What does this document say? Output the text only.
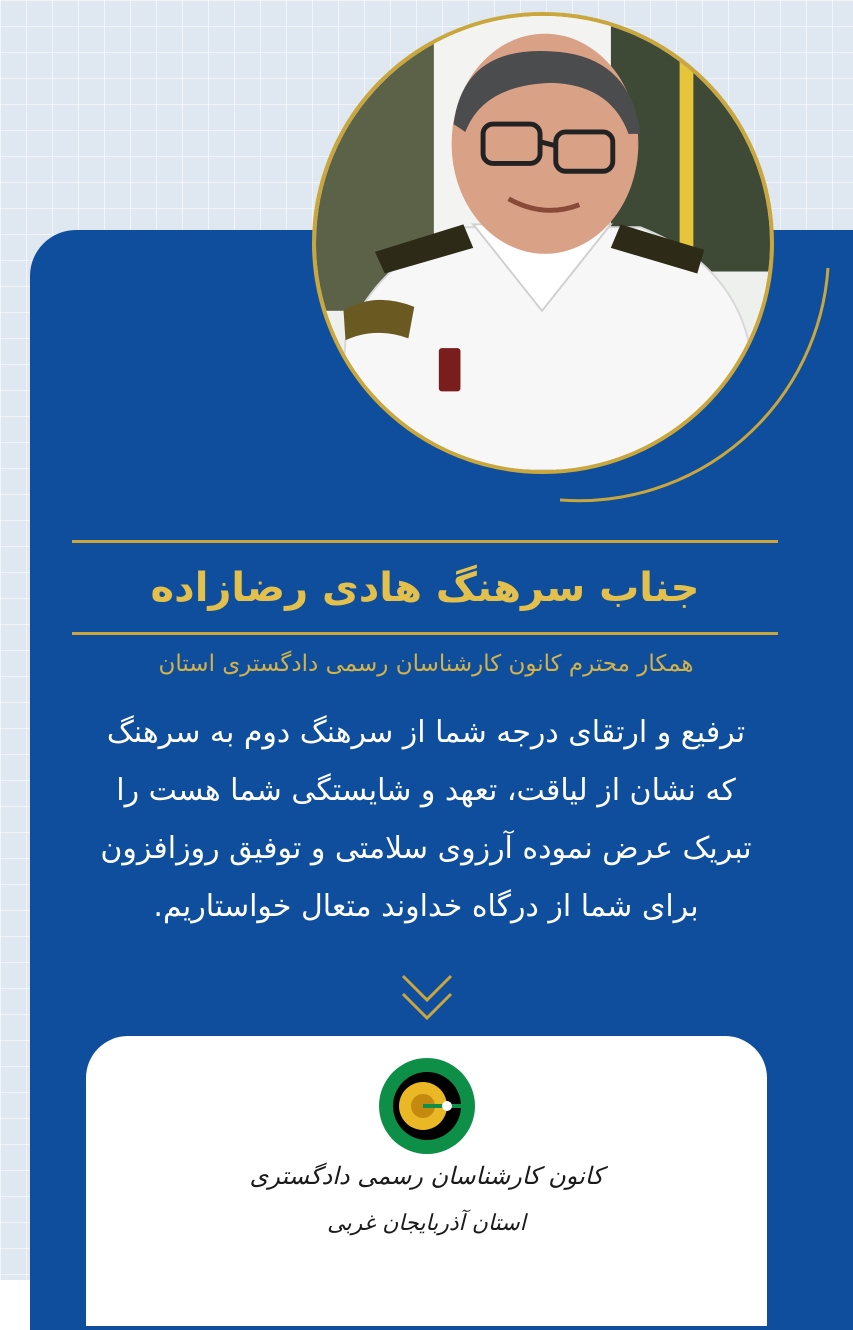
جناب سرهنگ هادی رضازاده
همکار محترم کانون کارشناسان رسمی دادگستری استان
ترفیع و ارتقای درجه شما از سرهنگ دوم به سرهنگ
که نشان از لیاقت، تعهد و شایستگی شما هست را
تبریک عرض نموده آرزوی سلامتی و توفیق روزافزون
برای شما از درگاه خداوند متعال خواستاریم.
کانون کارشناسان رسمی دادگستری
استان آذربایجان غربی
